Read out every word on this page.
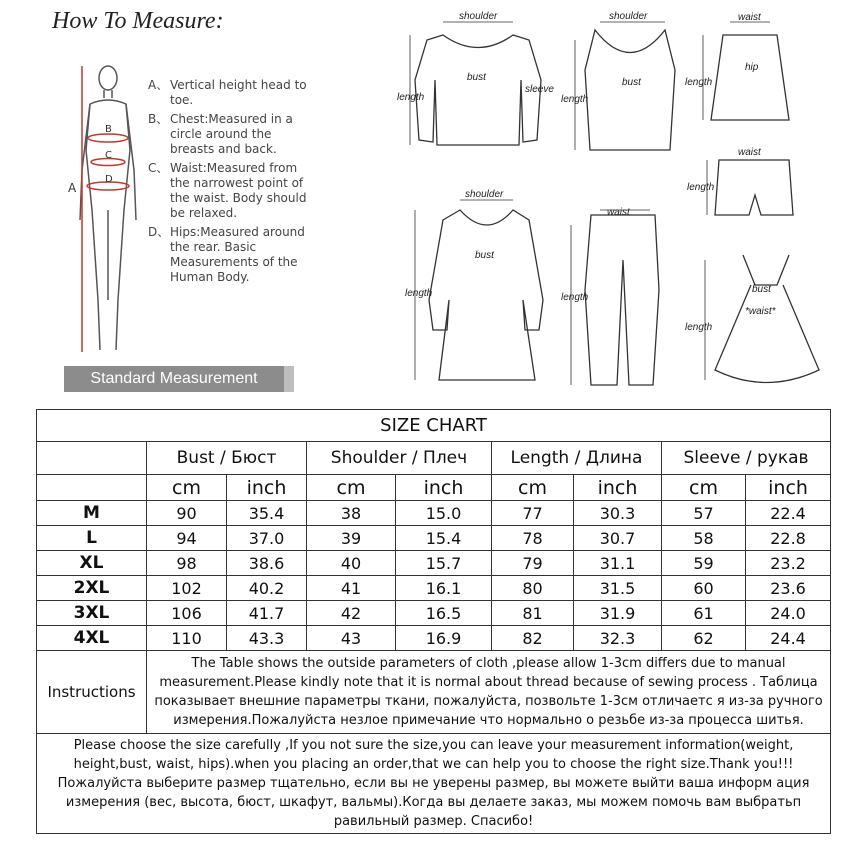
How To Measure:
A
B
C
D
A、 Vertical height head to toe.
B、 Chest:Measured in a circle around the breasts and back.
C、 Waist:Measured from the narrowest point of the waist. Body should be relaxed.
D、 Hips:Measured around the rear. Basic Measurements of the Human Body.
Standard Measurement
shoulder
bust
sleeve
length
shoulder
bust
length
waist
hip
length
waist
length
shoulder
bust
length
waist
length
bust
*waist*
length
SIZE CHART								
	Bust / Бюст		Shoulder / Плеч		Length / Длина		Sleeve / рукав	
	cm	inch	cm	inch	cm	inch	cm	inch
M	90	35.4	38	15.0	77	30.3	57	22.4
L	94	37.0	39	15.4	78	30.7	58	22.8
XL	98	38.6	40	15.7	79	31.1	59	23.2
2XL	102	40.2	41	16.1	80	31.5	60	23.6
3XL	106	41.7	42	16.5	81	31.9	61	24.0
4XL	110	43.3	43	16.9	82	32.3	62	24.4
Instructions	The Table shows the outside parameters of cloth ,please allow 1-3cm differs due to manual measurement.Please kindly note that it is normal about thread because of sewing process . Таблица показывает внешние параметры ткани, пожалуйста, позвольте 1-3см отличаетс я из-за ручного измерения.Пожалуйста незлое примечание что нормально о резьбе из-за процесса шитья.							
Please choose the size carefully ,If you not sure the size,you can leave your measurement information(weight, height,bust, waist, hips).when you placing an order,that we can help you to choose the right size.Thank you!!! Пожалуйста выберите размер тщательно, если вы не уверены размер, вы можете выйти ваша информ ация измерения (вес, высота, бюст, шкафут, вальмы).Когда вы делаете заказ, мы можем помочь вам выбратьп равильный размер. Спасибо!								
